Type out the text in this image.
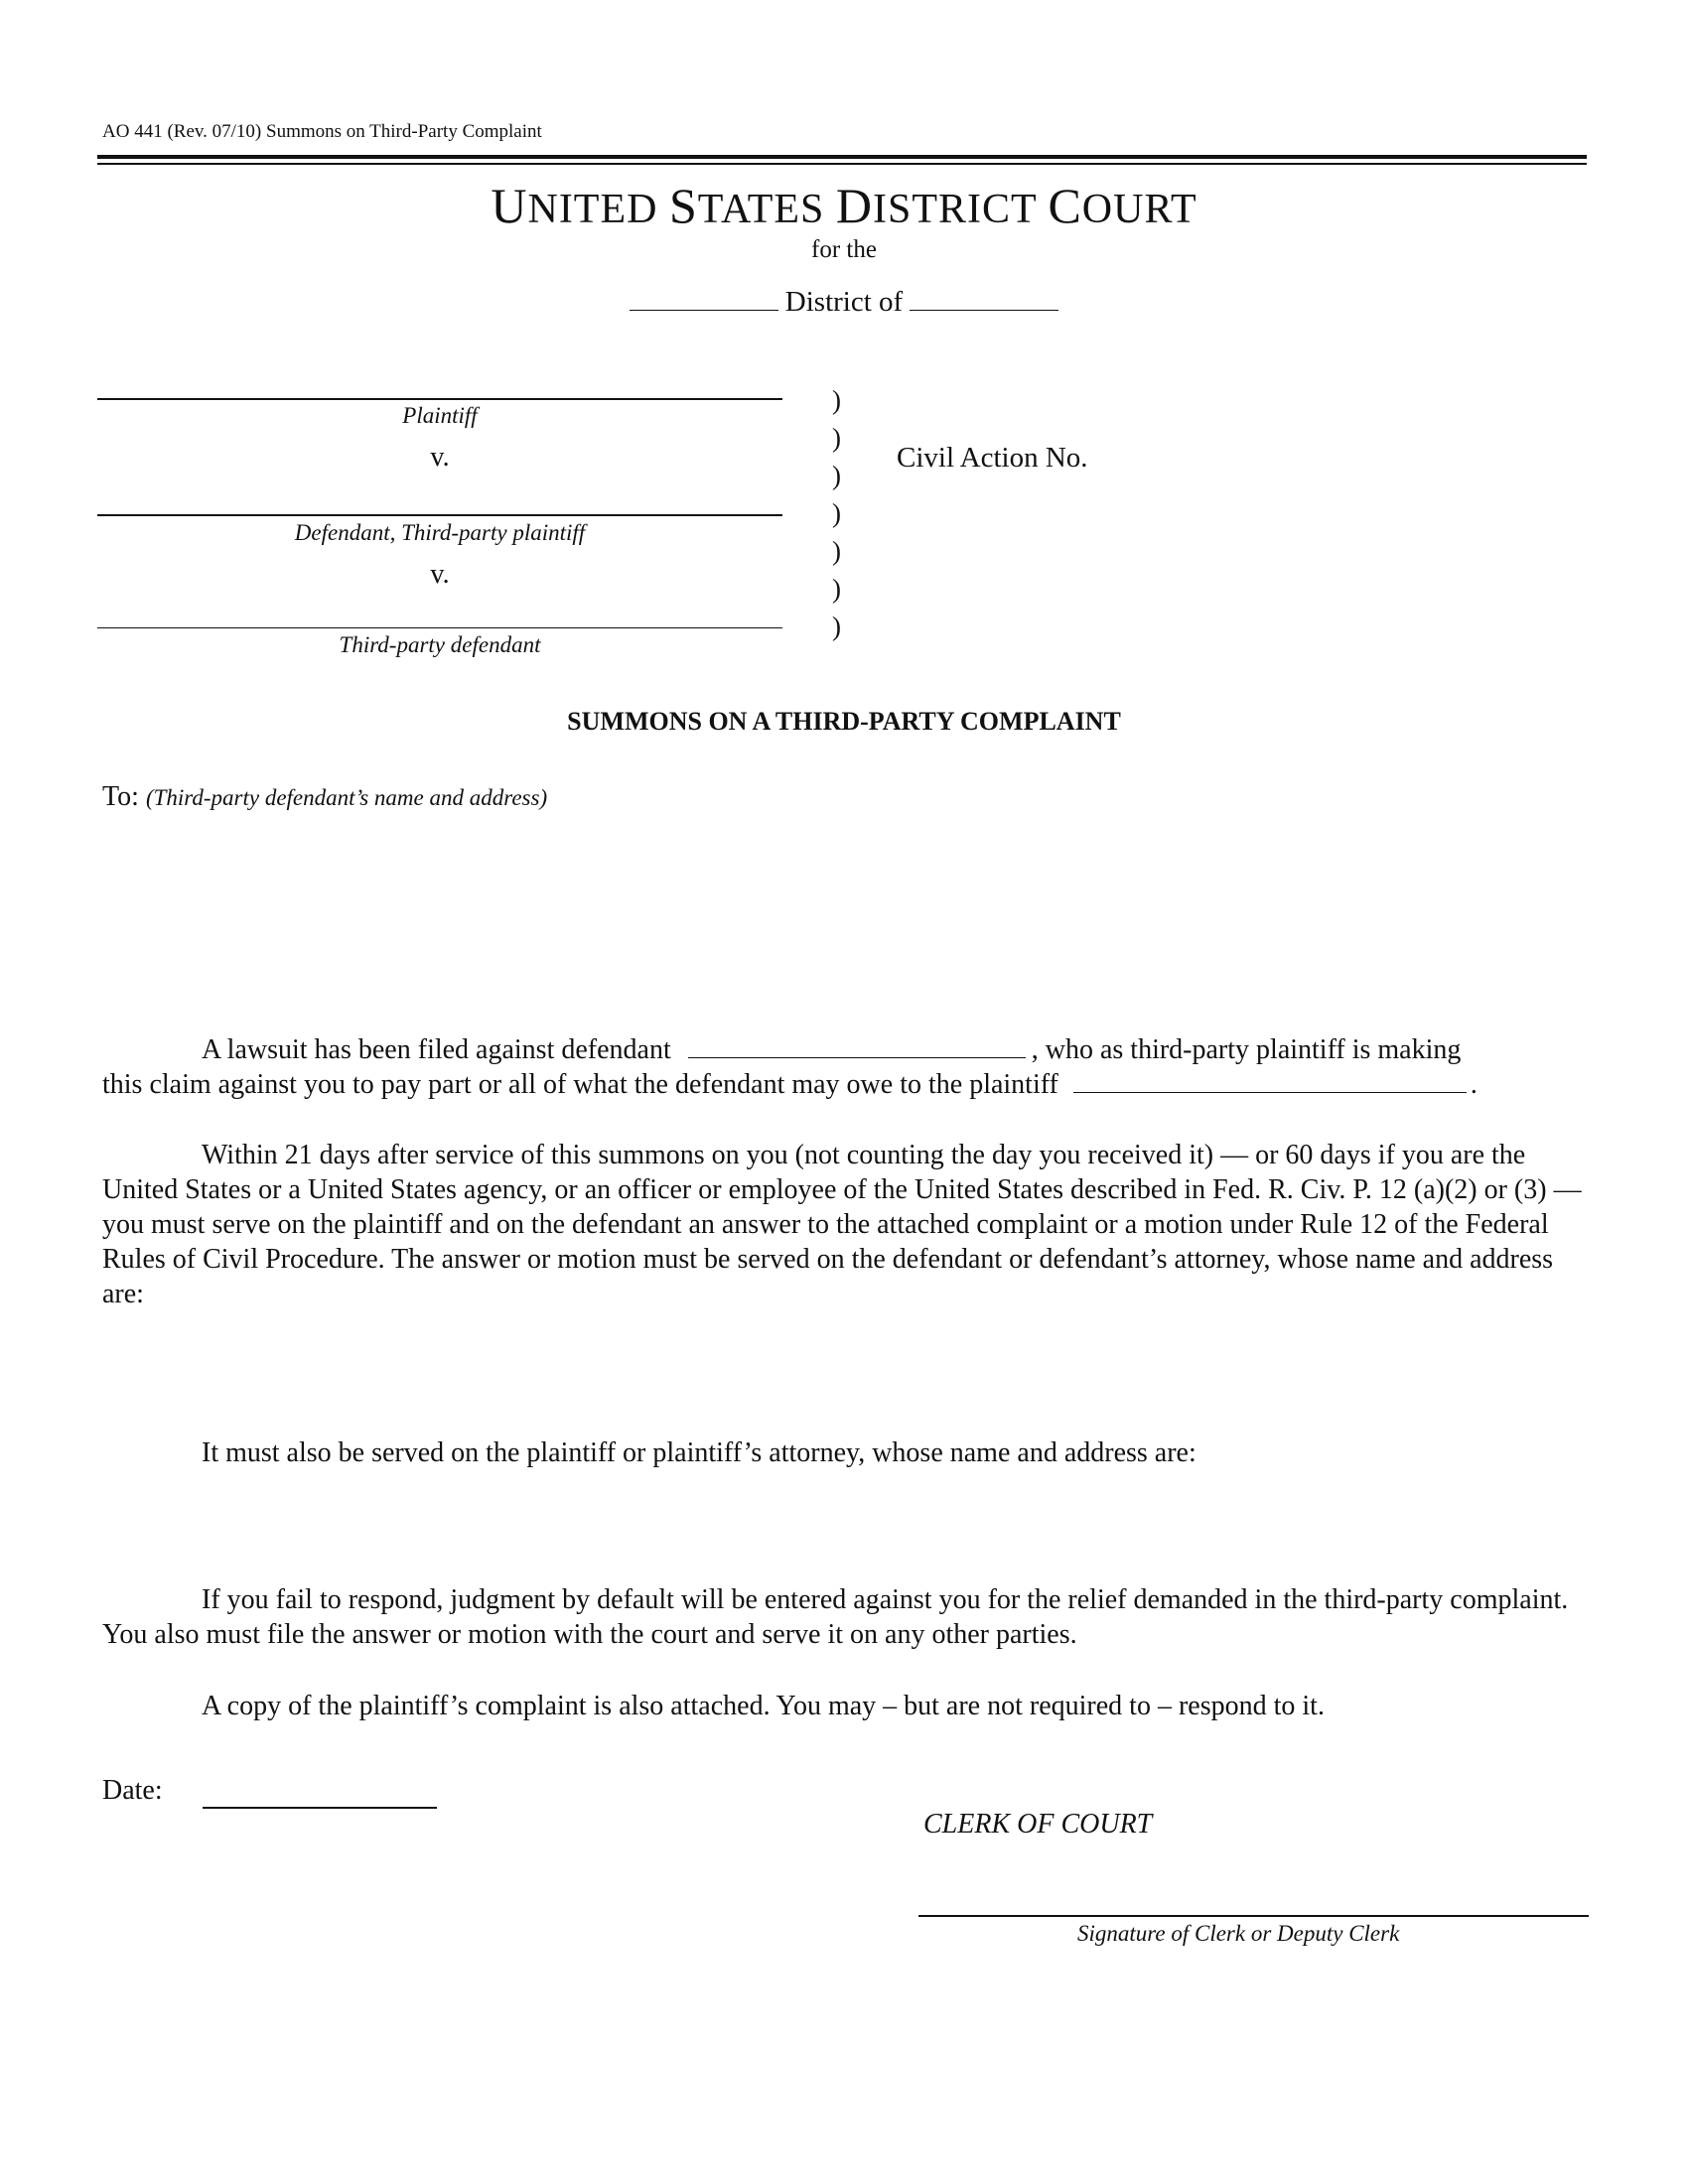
AO 441 (Rev. 07/10) Summons on Third-Party Complaint
UNITED STATES DISTRICT COURT
for the
District of
Plaintiff
v.
Defendant, Third-party plaintiff
v.
Third-party defendant
)
)
)
)
)
)
)
Civil Action No.
SUMMONS ON A THIRD-PARTY COMPLAINT
To: (Third-party defendant’s name and address)
A lawsuit has been filed against defendant	, who as third-party plaintiff is making
this claim against you to pay part or all of what the defendant may owe to the plaintiff	.
Within 21 days after service of this summons on you (not counting the day you received it) — or 60 days if you are the United States or a United States agency, or an officer or employee of the United States described in Fed. R. Civ. P. 12 (a)(2) or (3) — you must serve on the plaintiff and on the defendant an answer to the attached complaint or a motion under Rule 12 of the Federal Rules of Civil Procedure. The answer or motion must be served on the defendant or defendant’s attorney, whose name and address are:
It must also be served on the plaintiff or plaintiff’s attorney, whose name and address are:
If you fail to respond, judgment by default will be entered against you for the relief demanded in the third-party complaint. You also must file the answer or motion with the court and serve it on any other parties.
A copy of the plaintiff’s complaint is also attached. You may – but are not required to – respond to it.
Date:
CLERK OF COURT
Signature of Clerk or Deputy Clerk
